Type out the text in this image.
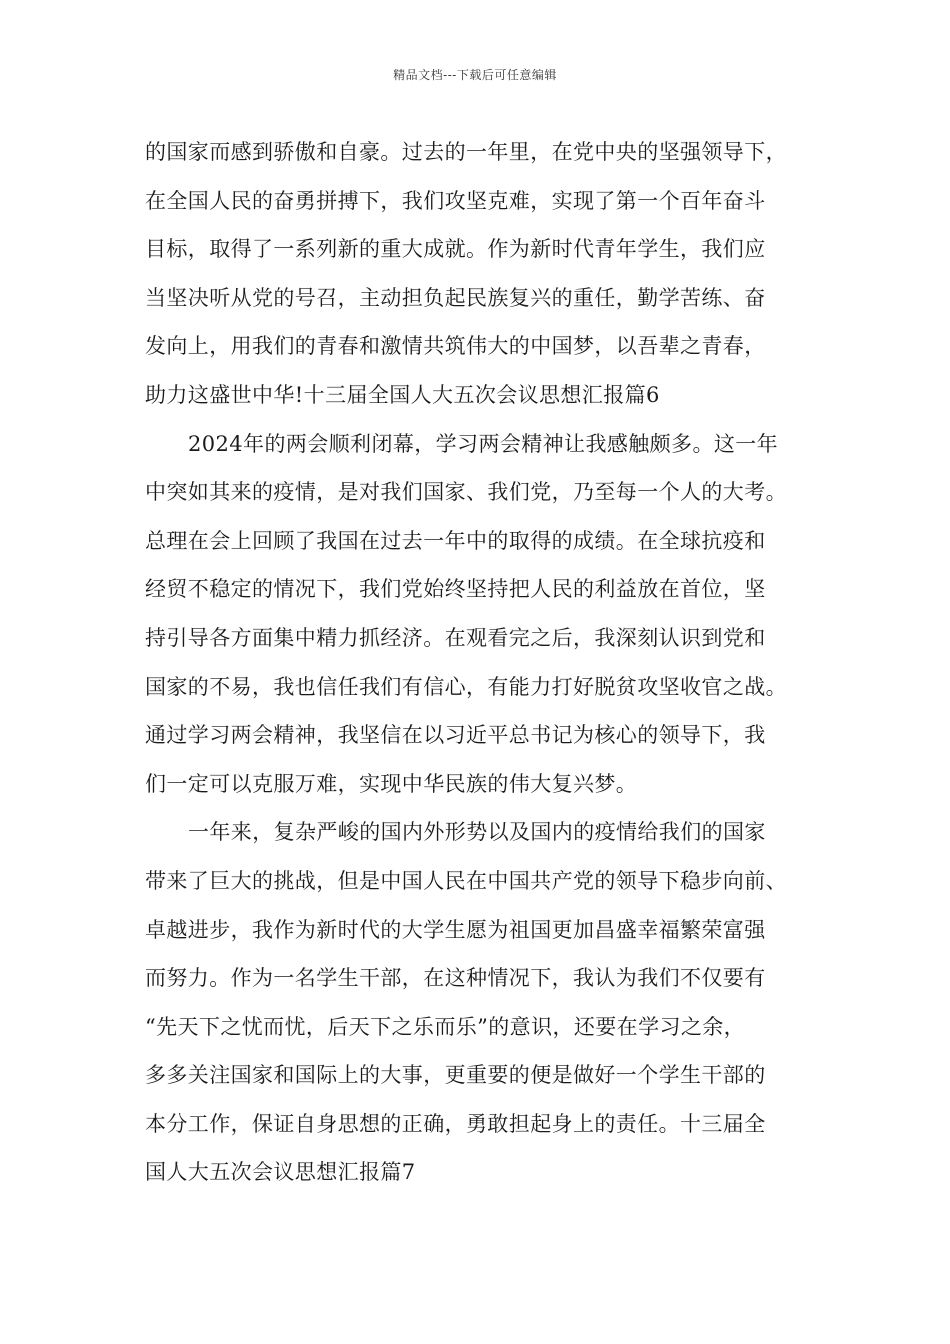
精品文档---下载后可任意编辑
的国家而感到骄傲和自豪。过去的一年里，在党中央的坚强领导下，
在全国人民的奋勇拼搏下，我们攻坚克难，实现了第一个百年奋斗
目标，取得了一系列新的重大成就。作为新时代青年学生，我们应
当坚决听从党的号召，主动担负起民族复兴的重任，勤学苦练、奋
发向上，用我们的青春和激情共筑伟大的中国梦，以吾辈之青春，
助力这盛世中华!十三届全国人大五次会议思想汇报篇6
2024年的两会顺利闭幕，学习两会精神让我感触颇多。这一年
中突如其来的疫情，是对我们国家、我们党，乃至每一个人的大考。
总理在会上回顾了我国在过去一年中的取得的成绩。在全球抗疫和
经贸不稳定的情况下，我们党始终坚持把人民的利益放在首位，坚
持引导各方面集中精力抓经济。在观看完之后，我深刻认识到党和
国家的不易，我也信任我们有信心，有能力打好脱贫攻坚收官之战。
通过学习两会精神，我坚信在以习近平总书记为核心的领导下，我
们一定可以克服万难，实现中华民族的伟大复兴梦。
一年来，复杂严峻的国内外形势以及国内的疫情给我们的国家
带来了巨大的挑战，但是中国人民在中国共产党的领导下稳步向前、
卓越进步，我作为新时代的大学生愿为祖国更加昌盛幸福繁荣富强
而努力。作为一名学生干部，在这种情况下，我认为我们不仅要有
“先天下之忧而忧，后天下之乐而乐”的意识，还要在学习之余，
多多关注国家和国际上的大事，更重要的便是做好一个学生干部的
本分工作，保证自身思想的正确，勇敢担起身上的责任。十三届全
国人大五次会议思想汇报篇7
